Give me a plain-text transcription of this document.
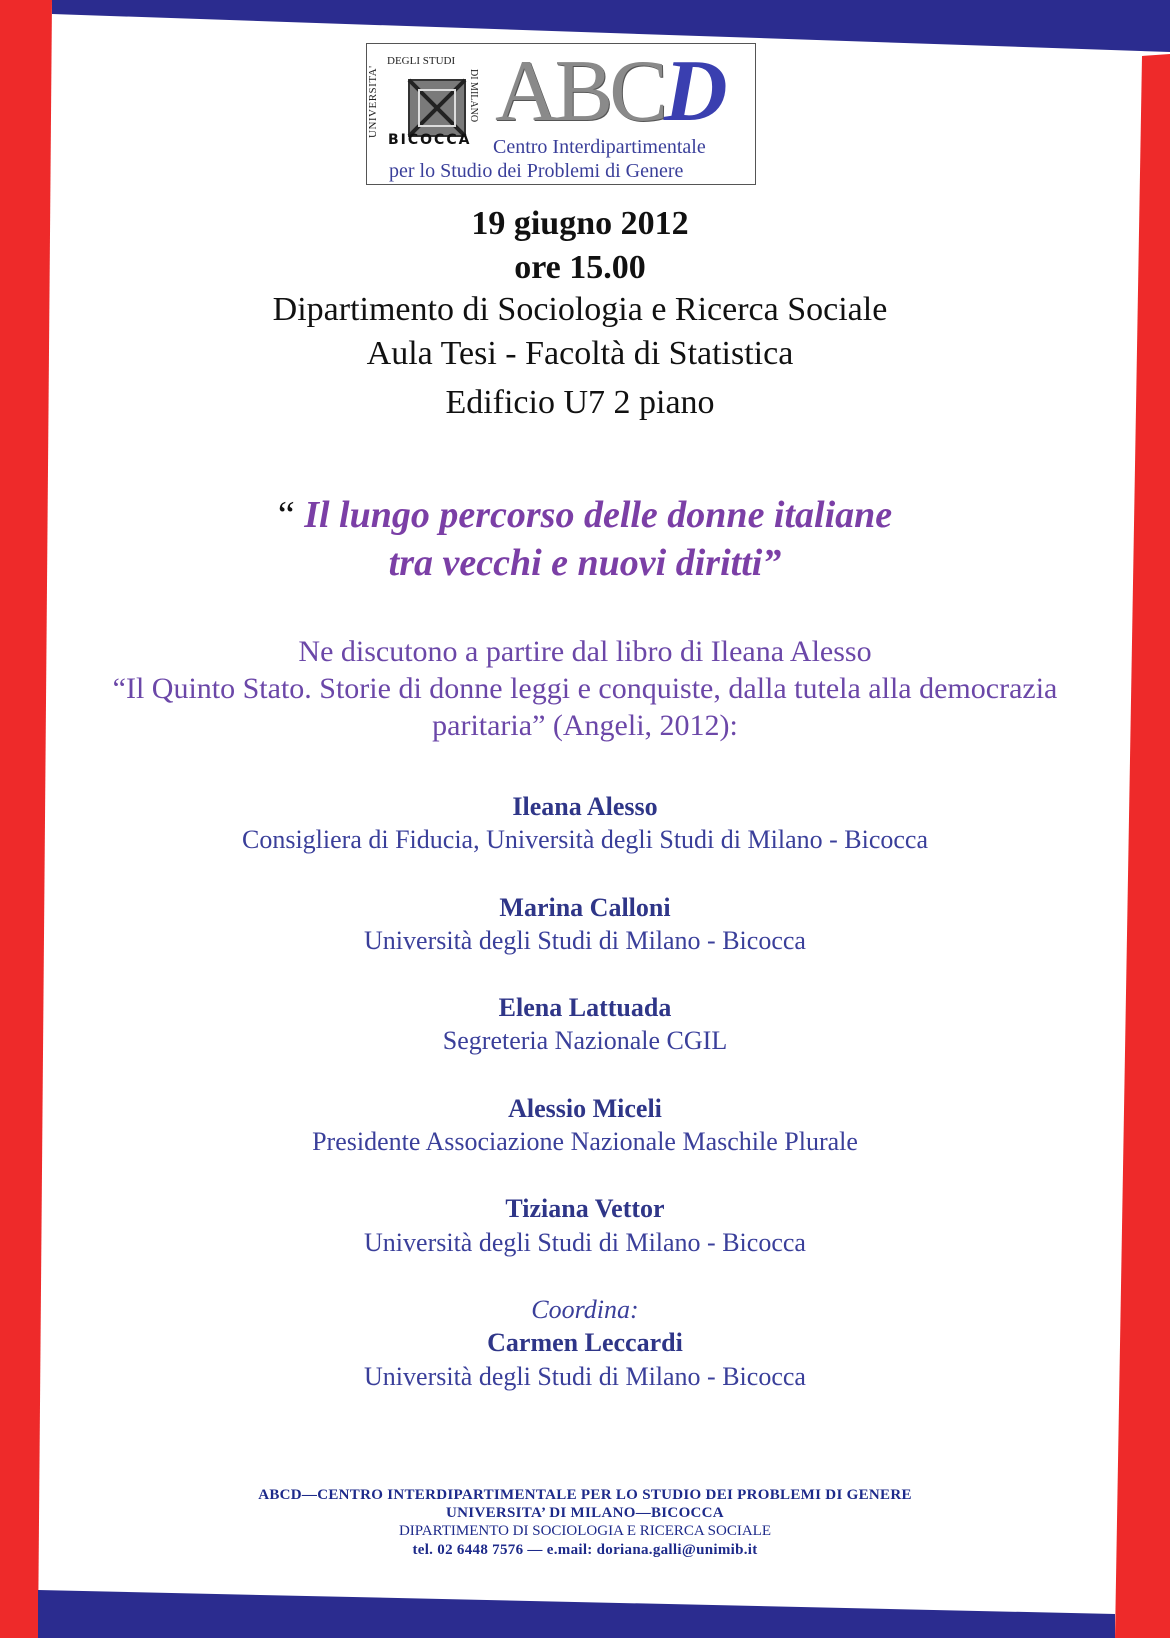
UNIVERSITA'
DEGLI STUDI
DI MILANO
BICOCCA ABCD
Centro Interdipartimentale
per lo Studio dei Problemi di Genere
19 giugno 2012
ore 15.00
Dipartimento di Sociologia e Ricerca Sociale
Aula Tesi - Facoltà di Statistica
Edificio U7 2 piano
“ Il lungo percorso delle donne italiane
tra vecchi e nuovi diritti”
Ne discutono a partire dal libro di Ileana Alesso
“Il Quinto Stato. Storie di donne leggi e conquiste, dalla tutela alla democrazia
paritaria” (Angeli, 2012):
Ileana Alesso
Consigliera di Fiducia, Università degli Studi di Milano - Bicocca
Marina Calloni
Università degli Studi di Milano - Bicocca
Elena Lattuada
Segreteria Nazionale CGIL
Alessio Miceli
Presidente Associazione Nazionale Maschile Plurale
Tiziana Vettor
Università degli Studi di Milano - Bicocca
Coordina:
Carmen Leccardi
Università degli Studi di Milano - Bicocca
ABCD—CENTRO INTERDIPARTIMENTALE PER LO STUDIO DEI PROBLEMI DI GENERE
UNIVERSITA’ DI MILANO—BICOCCA
DIPARTIMENTO DI SOCIOLOGIA E RICERCA SOCIALE
tel. 02 6448 7576 — e.mail: doriana.galli@unimib.it
